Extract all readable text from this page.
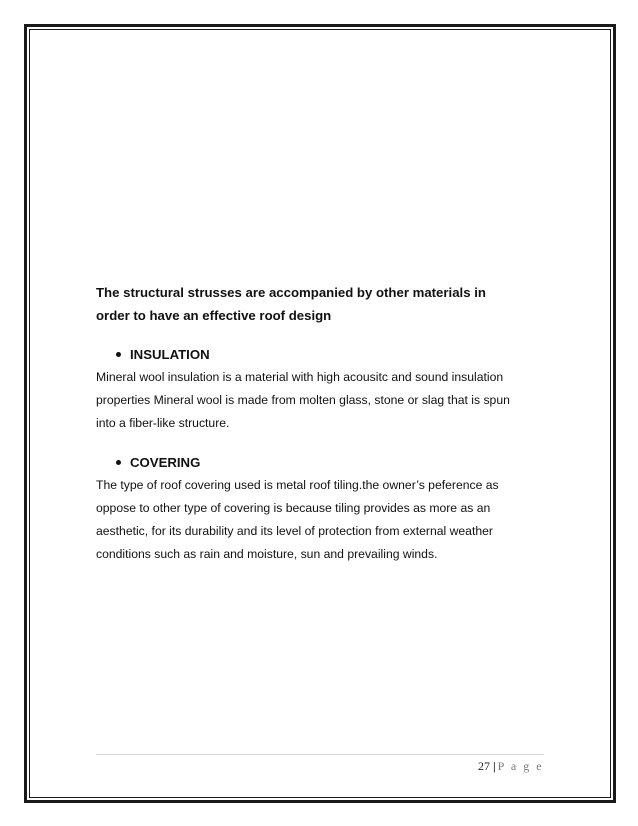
The structural strusses are accompanied by other materials in

order to have an effective roof design

INSULATION

Mineral wool insulation is a material with high acousitc and sound insulation

properties Mineral wool is made from molten glass, stone or slag that is spun

into a fiber-like structure.

COVERING

The type of roof covering used is metal roof tiling.the owner’s peference as

oppose to other type of covering is because tiling provides as more as an

aesthetic, for its durability and its level of protection from external weather

conditions such as rain and moisture, sun and prevailing winds.

27 | P a g e
